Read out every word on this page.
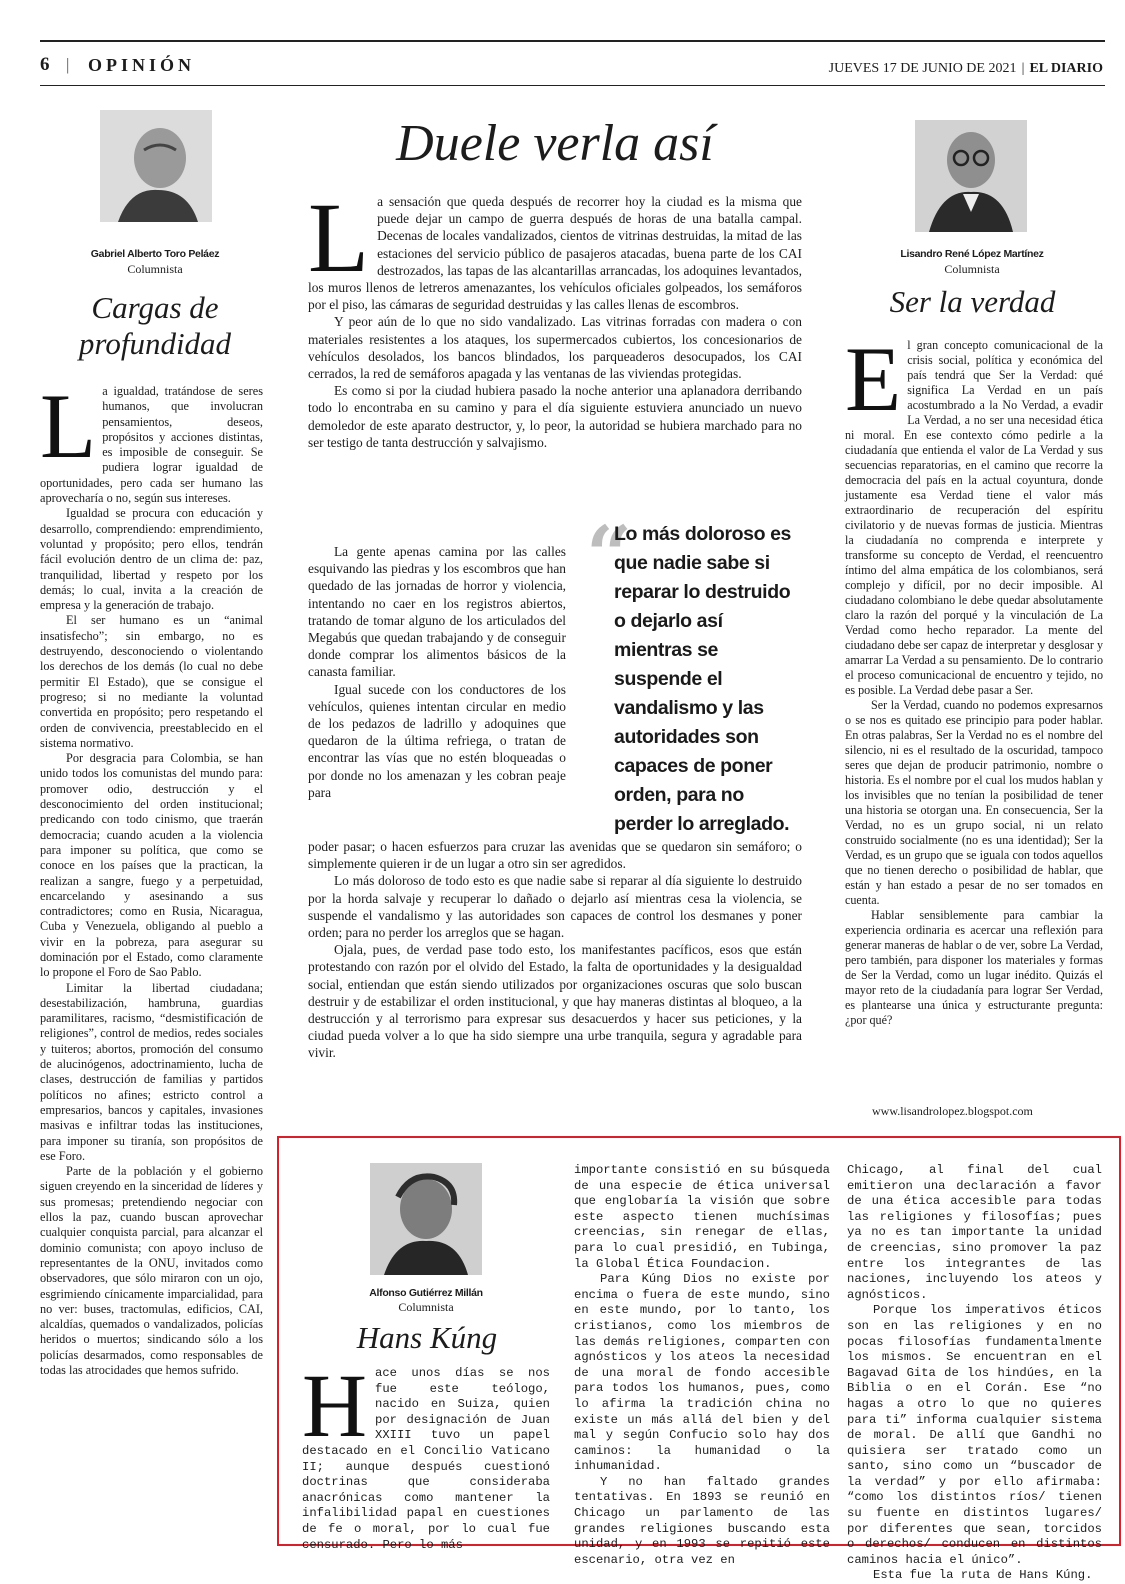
6 | OPINIÓN	JUEVES 17 DE JUNIO DE 2021 | EL DIARIO
Gabriel Alberto Toro Peláez
Columnista
Cargas de profundidad
L a igualdad, tratándose de seres humanos, que involucran pensamientos, deseos, propósitos y acciones distintas, es imposible de conseguir. Se pudiera lograr igualdad de oportunidades, pero cada ser humano las aprovecharía o no, según sus intereses.

Igualdad se procura con educación y desarrollo, comprendiendo: emprendimiento, voluntad y propósito; pero ellos, tendrán fácil evolución dentro de un clima de: paz, tranquilidad, libertad y respeto por los demás; lo cual, invita a la creación de empresa y la generación de trabajo.

El ser humano es un “animal insatisfecho”; sin embargo, no es destruyendo, desconociendo o violentando los derechos de los demás (lo cual no debe permitir El Estado), que se consigue el progreso; si no mediante la voluntad convertida en propósito; pero respetando el orden de convivencia, preestablecido en el sistema normativo.

Por desgracia para Colombia, se han unido todos los comunistas del mundo para: promover odio, destrucción y el desconocimiento del orden institucional; predicando con todo cinismo, que traerán democracia; cuando acuden a la violencia para imponer su política, que como se conoce en los países que la practican, la realizan a sangre, fuego y a perpetuidad, encarcelando y asesinando a sus contradictores; como en Rusia, Nicaragua, Cuba y Venezuela, obligando al pueblo a vivir en la pobreza, para asegurar su dominación por el Estado, como claramente lo propone el Foro de Sao Pablo.

Limitar la libertad ciudadana; desestabilización, hambruna, guardias paramilitares, racismo, “desmistificación de religiones”, control de medios, redes sociales y tuiteros; abortos, promoción del consumo de alucinógenos, adoctrinamiento, lucha de clases, destrucción de familias y partidos políticos no afines; estricto control a empresarios, bancos y capitales, invasiones masivas e infiltrar todas las instituciones, para imponer su tiranía, son propósitos de ese Foro.

Parte de la población y el gobierno siguen creyendo en la sinceridad de líderes y sus promesas; pretendiendo negociar con ellos la paz, cuando buscan aprovechar cualquier conquista parcial, para alcanzar el dominio comunista; con apoyo incluso de representantes de la ONU, invitados como observadores, que sólo miraron con un ojo, esgrimiendo cínicamente imparcialidad, para no ver: buses, tractomulas, edificios, CAI, alcaldías, quemados o vandalizados, policías heridos o muertos; sindicando sólo a los policías desarmados, como responsables de todas las atrocidades que hemos sufrido.

Duele verla así
L a sensación que queda después de recorrer hoy la ciudad es la misma que puede dejar un campo de guerra después de horas de una batalla campal. Decenas de locales vandalizados, cientos de vitrinas destruidas, la mitad de las estaciones del servicio público de pasajeros atacadas, buena parte de los CAI destrozados, las tapas de las alcantarillas arrancadas, los adoquines levantados, los muros llenos de letreros amenazantes, los vehículos oficiales golpeados, los semáforos por el piso, las cámaras de seguridad destruidas y las calles llenas de escombros.

Y peor aún de lo que no sido vandalizado. Las vitrinas forradas con madera o con materiales resistentes a los ataques, los supermercados cubiertos, los concesionarios de vehículos desolados, los bancos blindados, los parqueaderos desocupados, los CAI cerrados, la red de semáforos apagada y las ventanas de las viviendas protegidas.

Es como si por la ciudad hubiera pasado la noche anterior una aplanadora derribando todo lo encontraba en su camino y para el día siguiente estuviera anunciado un nuevo demoledor de este aparato destructor, y, lo peor, la autoridad se hubiera marchado para no ser testigo de tanta destrucción y salvajismo.

La gente apenas camina por las calles esquivando las piedras y los escombros que han quedado de las jornadas de horror y violencia, intentando no caer en los registros abiertos, tratando de tomar alguno de los articulados del Megabús que quedan trabajando y de conseguir donde comprar los alimentos básicos de la canasta familiar.

Igual sucede con los conductores de los vehículos, quienes intentan circular en medio de los pedazos de ladrillo y adoquines que quedaron de la última refriega, o tratan de encontrar las vías que no estén bloqueadas o por donde no los amenazan y les cobran peaje para

“
Lo más doloroso es que nadie sabe si reparar lo destruido o dejarlo así mientras se suspende el vandalismo y las autoridades son capaces de poner orden, para no perder lo arreglado.

poder pasar; o hacen esfuerzos para cruzar las avenidas que se quedaron sin semáforo; o simplemente quieren ir de un lugar a otro sin ser agredidos.

Lo más doloroso de todo esto es que nadie sabe si reparar al día siguiente lo destruido por la horda salvaje y recuperar lo dañado o dejarlo así mientras cesa la violencia, se suspende el vandalismo y las autoridades son capaces de control los desmanes y poner orden; para no perder los arreglos que se hagan.

Ojala, pues, de verdad pase todo esto, los manifestantes pacíficos, esos que están protestando con razón por el olvido del Estado, la falta de oportunidades y la desigualdad social, entiendan que están siendo utilizados por organizaciones oscuras que solo buscan destruir y de estabilizar el orden institucional, y que hay maneras distintas al bloqueo, a la destrucción y al terrorismo para expresar sus desacuerdos y hacer sus peticiones, y la ciudad pueda volver a lo que ha sido siempre una urbe tranquila, segura y agradable para vivir.

Lisandro René López Martínez
Columnista
Ser la verdad
E l gran concepto comunicacional de la crisis social, política y económica del país tendrá que Ser la Verdad: qué significa La Verdad en un país acostumbrado a la No Verdad, a evadir La Verdad, a no ser una necesidad ética ni moral. En ese contexto cómo pedirle a la ciudadanía que entienda el valor de La Verdad y sus secuencias reparatorias, en el camino que recorre la democracia del país en la actual coyuntura, donde justamente esa Verdad tiene el valor más extraordinario de recuperación del espíritu civilatorio y de nuevas formas de justicia. Mientras la ciudadanía no comprenda e interprete y transforme su concepto de Verdad, el reencuentro íntimo del alma empática de los colombianos, será complejo y difícil, por no decir imposible. Al ciudadano colombiano le debe quedar absolutamente claro la razón del porqué y la vinculación de La Verdad como hecho reparador. La mente del ciudadano debe ser capaz de interpretar y desglosar y amarrar La Verdad a su pensamiento. De lo contrario el proceso comunicacional de encuentro y tejido, no es posible. La Verdad debe pasar a Ser.

Ser la Verdad, cuando no podemos expresarnos o se nos es quitado ese principio para poder hablar. En otras palabras, Ser la Verdad no es el nombre del silencio, ni es el resultado de la oscuridad, tampoco seres que dejan de producir patrimonio, nombre o historia. Es el nombre por el cual los mudos hablan y los invisibles que no tenían la posibilidad de tener una historia se otorgan una. En consecuencia, Ser la Verdad, no es un grupo social, ni un relato construido socialmente (no es una identidad); Ser la Verdad, es un grupo que se iguala con todos aquellos que no tienen derecho o posibilidad de hablar, que están y han estado a pesar de no ser tomados en cuenta.

Hablar sensiblemente para cambiar la experiencia ordinaria es acercar una reflexión para generar maneras de hablar o de ver, sobre La Verdad, pero también, para disponer los materiales y formas de Ser la Verdad, como un lugar inédito. Quizás el mayor reto de la ciudadanía para lograr Ser Verdad, es plantearse una única y estructurante pregunta: ¿por qué?

www.lisandrolopez.blogspot.com
Alfonso Gutiérrez Millán
Columnista
Hans Kúng
H ace unos días se nos fue este teólogo, nacido en Suiza, quien por designación de Juan XXIII tuvo un papel destacado en el Concilio Vaticano II; aunque después cuestionó doctrinas que consideraba anacrónicas como mantener la infalibilidad papal en cuestiones de fe o moral, por lo cual fue censurado. Pero lo más

importante consistió en su búsqueda de una especie de ética universal que englobaría la visión que sobre este aspecto tienen muchísimas creencias, sin renegar de ellas, para lo cual presidió, en Tubinga, la Global Ética Foundacion.

Para Kúng Dios no existe por encima o fuera de este mundo, sino en este mundo, por lo tanto, los cristianos, como los miembros de las demás religiones, comparten con agnósticos y los ateos la necesidad de una moral de fondo accesible para todos los humanos, pues, como lo afirma la tradición china no existe un más allá del bien y del mal y según Confucio solo hay dos caminos: la humanidad o la inhumanidad.

Y no han faltado grandes tentativas. En 1893 se reunió en Chicago un parlamento de las grandes religiones buscando esta unidad, y en 1993 se repitió este escenario, otra vez en

Chicago, al final del cual emitieron una declaración a favor de una ética accesible para todas las religiones y filosofías; pues ya no es tan importante la unidad de creencias, sino promover la paz entre los integrantes de las naciones, incluyendo los ateos y agnósticos.

Porque los imperativos éticos son en las religiones y en no pocas filosofías fundamentalmente los mismos. Se encuentran en el Bagavad Gita de los hindúes, en la Biblia o en el Corán. Ese “no hagas a otro lo que no quieres para ti” informa cualquier sistema de moral. De allí que Gandhi no quisiera ser tratado como un santo, sino como un “buscador de la verdad” y por ello afirmaba: “como los distintos ríos/ tienen su fuente en distintos lugares/ por diferentes que sean, torcidos o derechos/ conducen en distintos caminos hacia el único”.

Esta fue la ruta de Hans Kúng.
